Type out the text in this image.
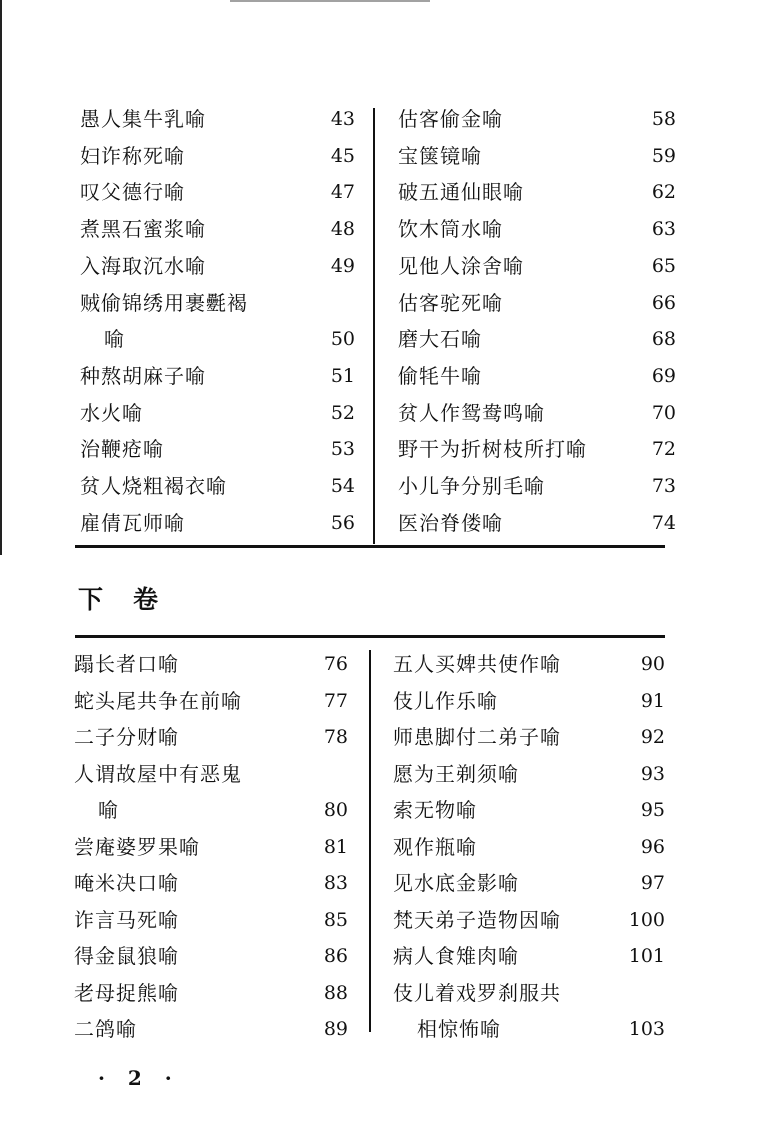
愚人集牛乳喻	43
妇诈称死喻	45
叹父德行喻	47
煮黑石蜜浆喻	48
入海取沉水喻	49
贼偷锦绣用裹氎褐
喻	50
种熬胡麻子喻	51
水火喻	52
治鞭疮喻	53
贫人烧粗褐衣喻	54
雇倩瓦师喻	56
估客偷金喻	58
宝箧镜喻	59
破五通仙眼喻	62
饮木筒水喻	63
见他人涂舍喻	65
估客驼死喻	66
磨大石喻	68
偷牦牛喻	69
贫人作鸳鸯鸣喻	70
野干为折树枝所打喻	72
小儿争分别毛喻	73
医治脊偻喻	74
下卷
蹋长者口喻	76
蛇头尾共争在前喻	77
二子分财喻	78
人谓故屋中有恶鬼
喻	80
尝庵婆罗果喻	81
唵米决口喻	83
诈言马死喻	85
得金鼠狼喻	86
老母捉熊喻	88
二鸽喻	89
五人买婢共使作喻	90
伎儿作乐喻	91
师患脚付二弟子喻	92
愿为王剃须喻	93
索无物喻	95
观作瓶喻	96
见水底金影喻	97
梵天弟子造物因喻	100
病人食雉肉喻	101
伎儿着戏罗刹服共
相惊怖喻	103
· 2 ·
